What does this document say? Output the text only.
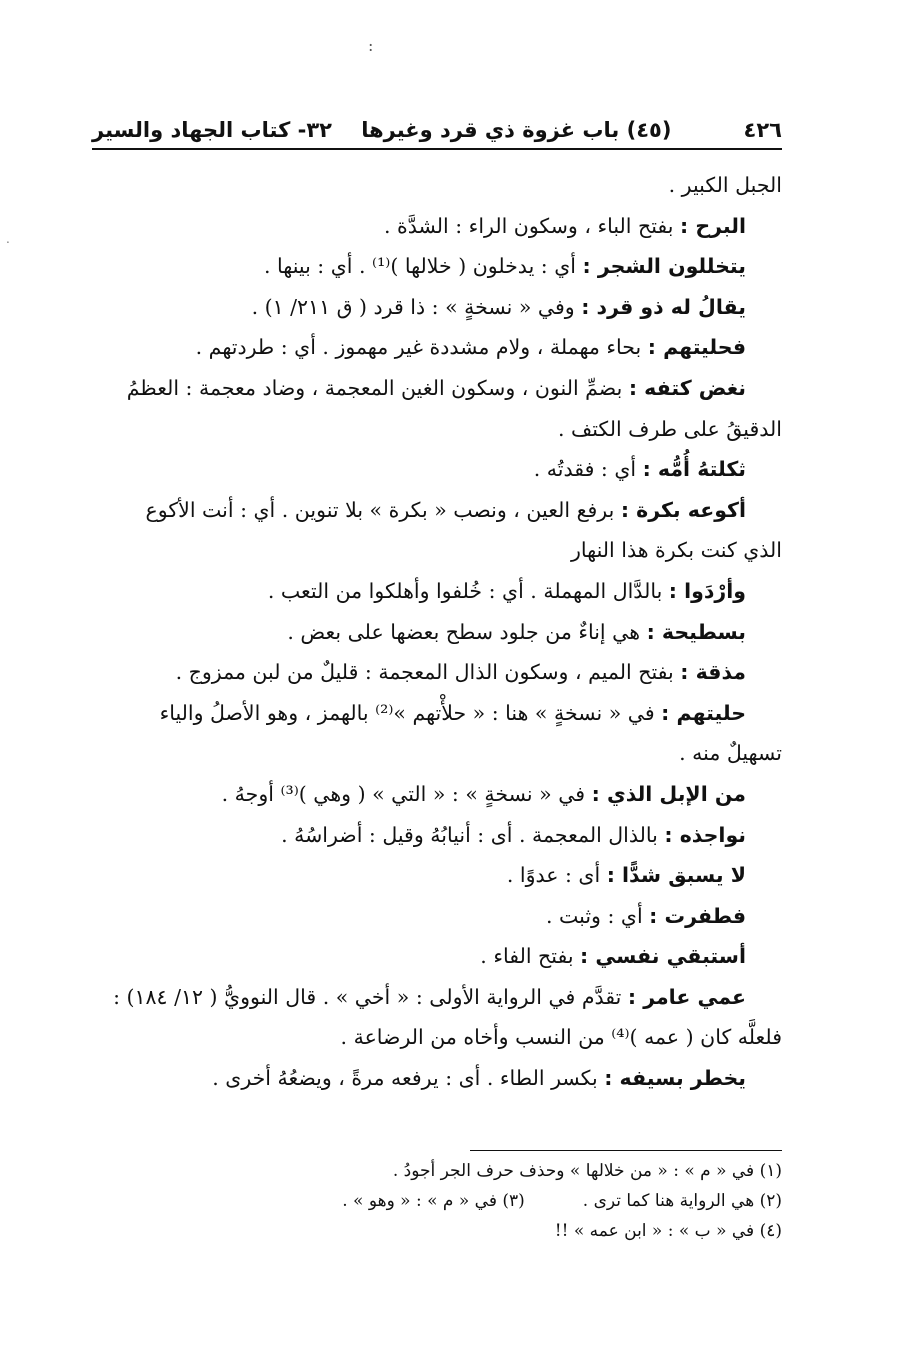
:
.
٤٢٦
(٤٥) باب غزوة ذي قرد وغيرها    ٣٢- كتاب الجهاد والسير

الجبل الكبير .

البرح : بفتح الباء ، وسكون الراء : الشدَّة .

يتخللون الشجر : أي : يدخلون ( خلالها )⁽¹⁾ . أي : بينها .

يقالُ له ذو قرد : وفي « نسخةٍ » : ذا قرد ( ق ٢١١/ ١) .

فحليتهم : بحاء مهملة ، ولام مشددة غير مهموز . أي : طردتهم .

نغض كتفه : بضمِّ النون ، وسكون الغين المعجمة ، وضاد معجمة : العظمُ

الدقيقُ على طرف الكتف .

ثكلتهُ أُمُّه : أي : فقدتُه .

أكوعه بكرة : برفع العين ، ونصب « بكرة » بلا تنوين . أي : أنت الأكوع

الذي كنت بكرة هذا النهار

وأرْدَوا : بالدَّال المهملة . أي : خُلفوا وأهلكوا من التعب .

بسطيحة : هي إناءٌ من جلود سطح بعضها على بعض .

مذقة : بفتح الميم ، وسكون الذال المعجمة : قليلٌ من لبن ممزوج .

حليتهم : في « نسخةٍ » هنا : « حلأْتهم »⁽²⁾ بالهمز ، وهو الأصلُ والياء

تسهيلٌ منه .

من الإبل الذي : في « نسخةٍ » : « التي » ( وهي )⁽³⁾ أوجهُ .

نواجذه : بالذال المعجمة . أى : أنيابُهُ وقيل : أضراسُهُ .

لا يسبق شدًّا : أى : عدوًا .

فطفرت : أي : وثبت .

أستبقي نفسي : بفتح الفاء .

عمي عامر : تقدَّم في الرواية الأولى : « أخي » . قال النوويُّ ( ١٢/ ١٨٤) :

فلعلَّه كان ( عمه )⁽⁴⁾ من النسب وأخاه من الرضاعة .

يخطر بسيفه : بكسر الطاء . أى : يرفعه مرةً ، ويضعُهُ أخرى .

(١) في « م » : « من خلالها » وحذف حرف الجر أجودُ .
(٢) هي الرواية هنا كما ترى .(٣) في « م » : « وهو » .
(٤) في « ب » : « ابن عمه » !!
